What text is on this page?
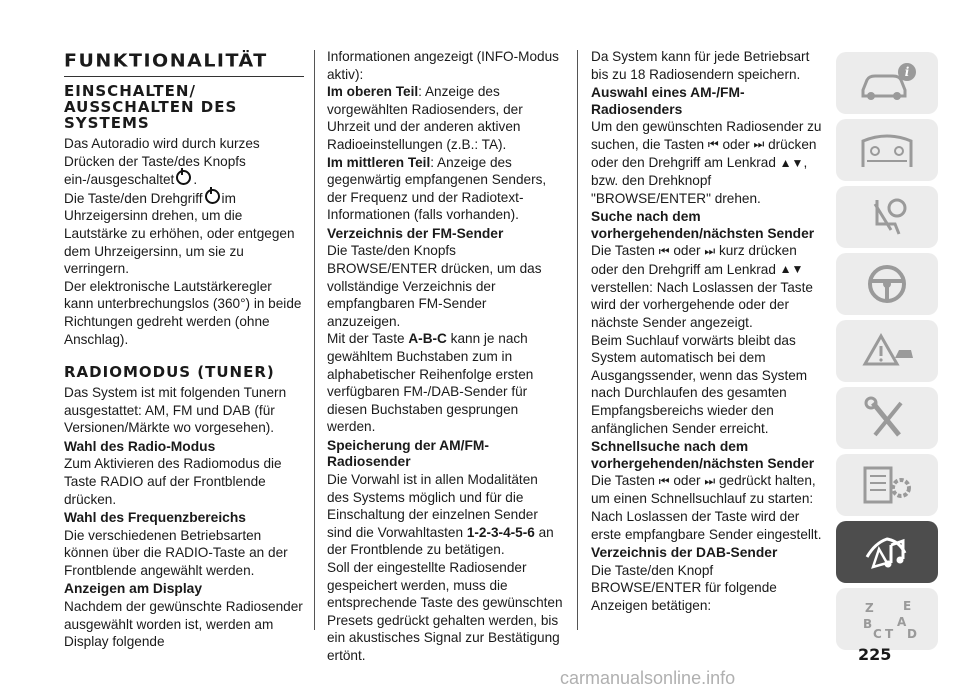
FUNKTIONALITÄT
EINSCHALTEN/ AUSSCHALTEN DES SYSTEMS

Das Autoradio wird durch kurzes Drücken der Taste/des Knopfs ein-/ausgeschaltet .

Die Taste/den Drehgriff im Uhrzeigersinn drehen, um die Lautstärke zu erhöhen, oder entgegen dem Uhrzeigersinn, um sie zu verringern.

Der elektronische Lautstärkeregler kann unterbrechungslos (360°) in beide Richtungen gedreht werden (ohne Anschlag).

RADIOMODUS (TUNER)

Das System ist mit folgenden Tunern ausgestattet: AM, FM und DAB (für Versionen/Märkte wo vorgesehen).

Wahl des Radio-Modus

Zum Aktivieren des Radiomodus die Taste RADIO auf der Frontblende drücken.

Wahl des Frequenzbereichs

Die verschiedenen Betriebsarten können über die RADIO-Taste an der Frontblende angewählt werden.

Anzeigen am Display

Nachdem der gewünschte Radiosender ausgewählt worden ist, werden am Display folgende

Informationen angezeigt (INFO-Modus aktiv):

Im oberen Teil: Anzeige des vorgewählten Radiosenders, der Uhrzeit und der anderen aktiven Radioeinstellungen (z.B.: TA).

Im mittleren Teil: Anzeige des gegenwärtig empfangenen Senders, der Frequenz und der Radiotext-Informationen (falls vorhanden).

Verzeichnis der FM-Sender

Die Taste/den Knopfs BROWSE/ENTER drücken, um das vollständige Verzeichnis der empfangbaren FM-Sender anzuzeigen.

Mit der Taste A-B-C kann je nach gewähltem Buchstaben zum in alphabetischer Reihenfolge ersten verfügbaren FM-/DAB-Sender für diesen Buchstaben gesprungen werden.

Speicherung der AM/FM-Radiosender

Die Vorwahl ist in allen Modalitäten des Systems möglich und für die Einschaltung der einzelnen Sender sind die Vorwahltasten 1-2-3-4-5-6 an der Frontblende zu betätigen.

Soll der eingestellte Radiosender gespeichert werden, muss die entsprechende Taste des gewünschten Presets gedrückt gehalten werden, bis ein akustisches Signal zur Bestätigung ertönt.

Da System kann für jede Betriebsart bis zu 18 Radiosendern speichern.

Auswahl eines AM-/FM-Radiosenders

Um den gewünschten Radiosender zu suchen, die Tasten ⏮ oder ⏭ drücken oder den Drehgriff am Lenkrad ▲▼, bzw. den Drehknopf "BROWSE/ENTER" drehen.

Suche nach dem vorhergehenden/nächsten Sender

Die Tasten ⏮ oder ⏭ kurz drücken oder den Drehgriff am Lenkrad ▲▼ verstellen: Nach Loslassen der Taste wird der vorhergehende oder der nächste Sender angezeigt.

Beim Suchlauf vorwärts bleibt das System automatisch bei dem Ausgangssender, wenn das System nach Durchlaufen des gesamten Empfangsbereichs wieder den anfänglichen Sender erreicht.

Schnellsuche nach dem vorhergehenden/nächsten Sender

Die Tasten ⏮ oder ⏭ gedrückt halten, um einen Schnellsuchlauf zu starten: Nach Loslassen der Taste wird der erste empfangbare Sender eingestellt.

Verzeichnis der DAB-Sender

Die Taste/den Knopf BROWSE/ENTER für folgende Anzeigen betätigen:

i
Z E
B A
C T D
225
carmanualsonline.info
